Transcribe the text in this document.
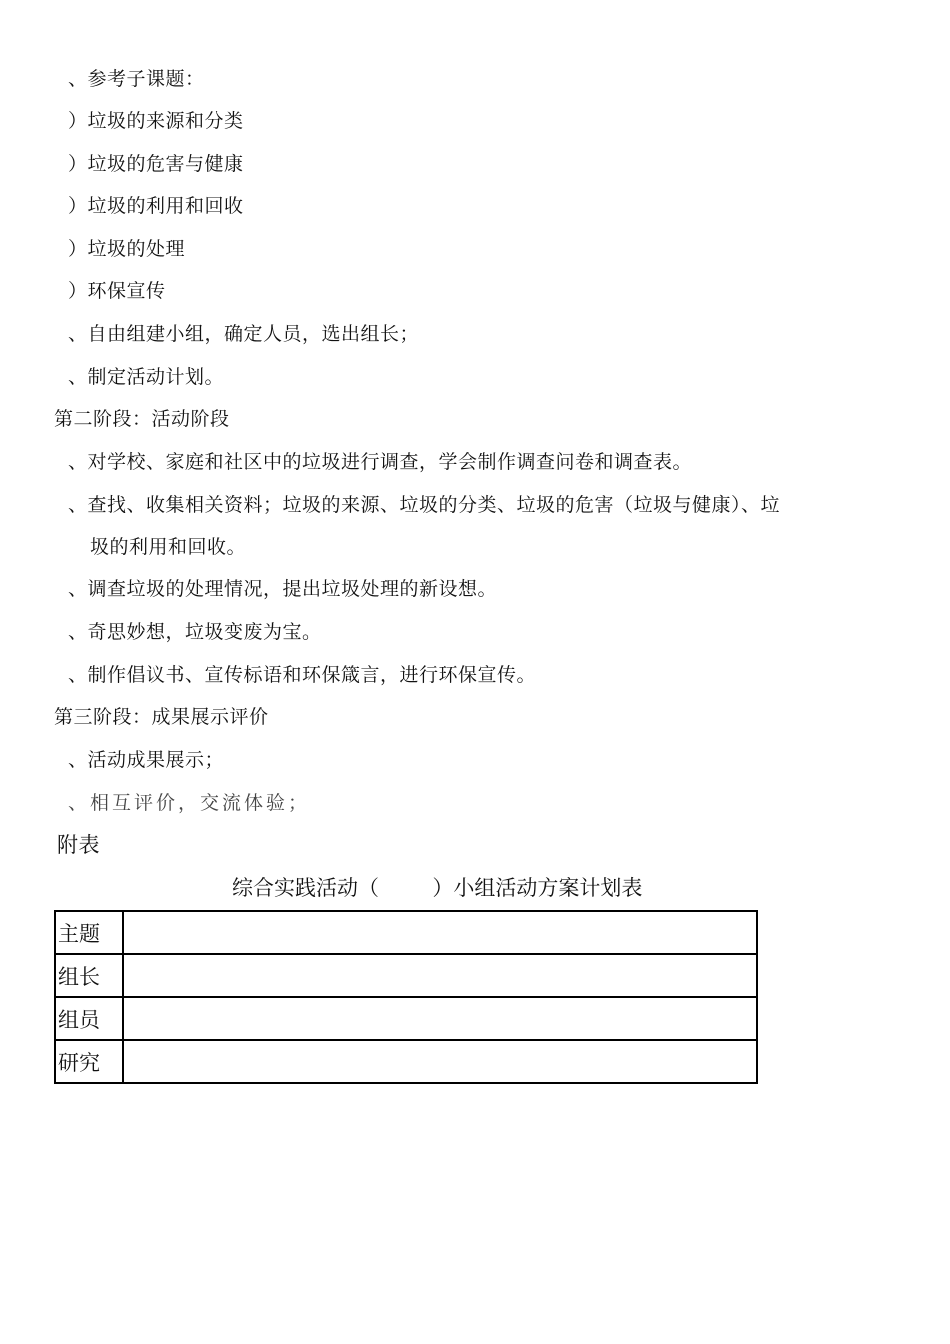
、参考子课题：
）垃圾的来源和分类
）垃圾的危害与健康
）垃圾的利用和回收
）垃圾的处理
）环保宣传
、自由组建小组，确定人员，选出组长；
、制定活动计划。
第二阶段：活动阶段
、对学校、家庭和社区中的垃圾进行调查，学会制作调查问卷和调查表。
、查找、收集相关资料；垃圾的来源、垃圾的分类、垃圾的危害（垃圾与健康）、垃
圾的利用和回收。
、调查垃圾的处理情况，提出垃圾处理的新设想。
、奇思妙想，垃圾变废为宝。
、制作倡议书、宣传标语和环保箴言，进行环保宣传。
第三阶段：成果展示评价
、活动成果展示；
、相互评价，交流体验；
附表
综合实践活动（        ）小组活动方案计划表
主题	
组长	
组员	
研究	
